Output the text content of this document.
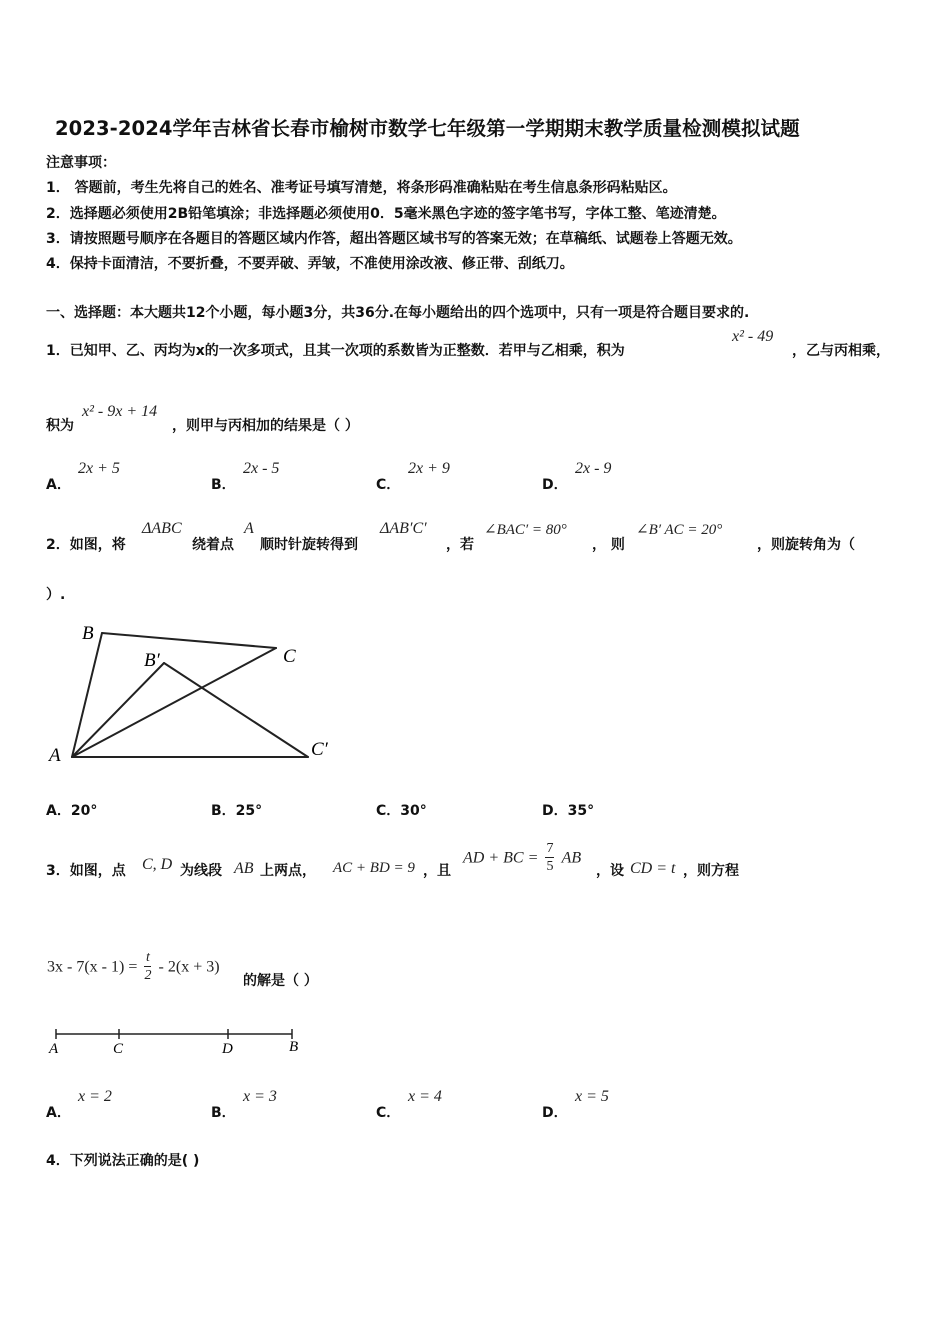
2023-2024学年吉林省长春市榆树市数学七年级第一学期期末教学质量检测模拟试题
注意事项：
1． 答题前，考生先将自己的姓名、准考证号填写清楚，将条形码准确粘贴在考生信息条形码粘贴区。
2．选择题必须使用2B铅笔填涂；非选择题必须使用0．5毫米黑色字迹的签字笔书写，字体工整、笔迹清楚。
3．请按照题号顺序在各题目的答题区域内作答，超出答题区域书写的答案无效；在草稿纸、试题卷上答题无效。
4．保持卡面清洁，不要折叠，不要弄破、弄皱，不准使用涂改液、修正带、刮纸刀。
一、选择题：本大题共12个小题，每小题3分，共36分.在每小题给出的四个选项中，只有一项是符合题目要求的.
1．已知甲、乙、丙均为x的一次多项式，且其一次项的系数皆为正整数．若甲与乙相乘，积为
x² - 49
，乙与丙相乘，
积为
x² - 9x + 14
，则甲与丙相加的结果是（ ）
A．
2x + 5
B．
2x - 5
C．
2x + 9
D．
2x - 9
2．如图，将
ΔABC
绕着点
A
顺时针旋转得到
ΔAB′C′
，若
∠BAC′ = 80°
， 则
∠B′ AC = 20°
，则旋转角为（
）.
B
B′	C
A	C′
A．20°	B．25°	C．30°	D．35°
3．如图，点 C, D 为线段 AB 上两点， AC + BD = 9 ，且
AD + BC = $\frac{7}{5}$ AB
，设 CD = t ，则方程
$3x - 7(x - 1) = \frac{t}{2} - 2(x + 3)$
的解是（ ）
A	C	D	B
A．
x = 2
B．
x = 3
C．
x = 4
D．
x = 5
4．下列说法正确的是( )
